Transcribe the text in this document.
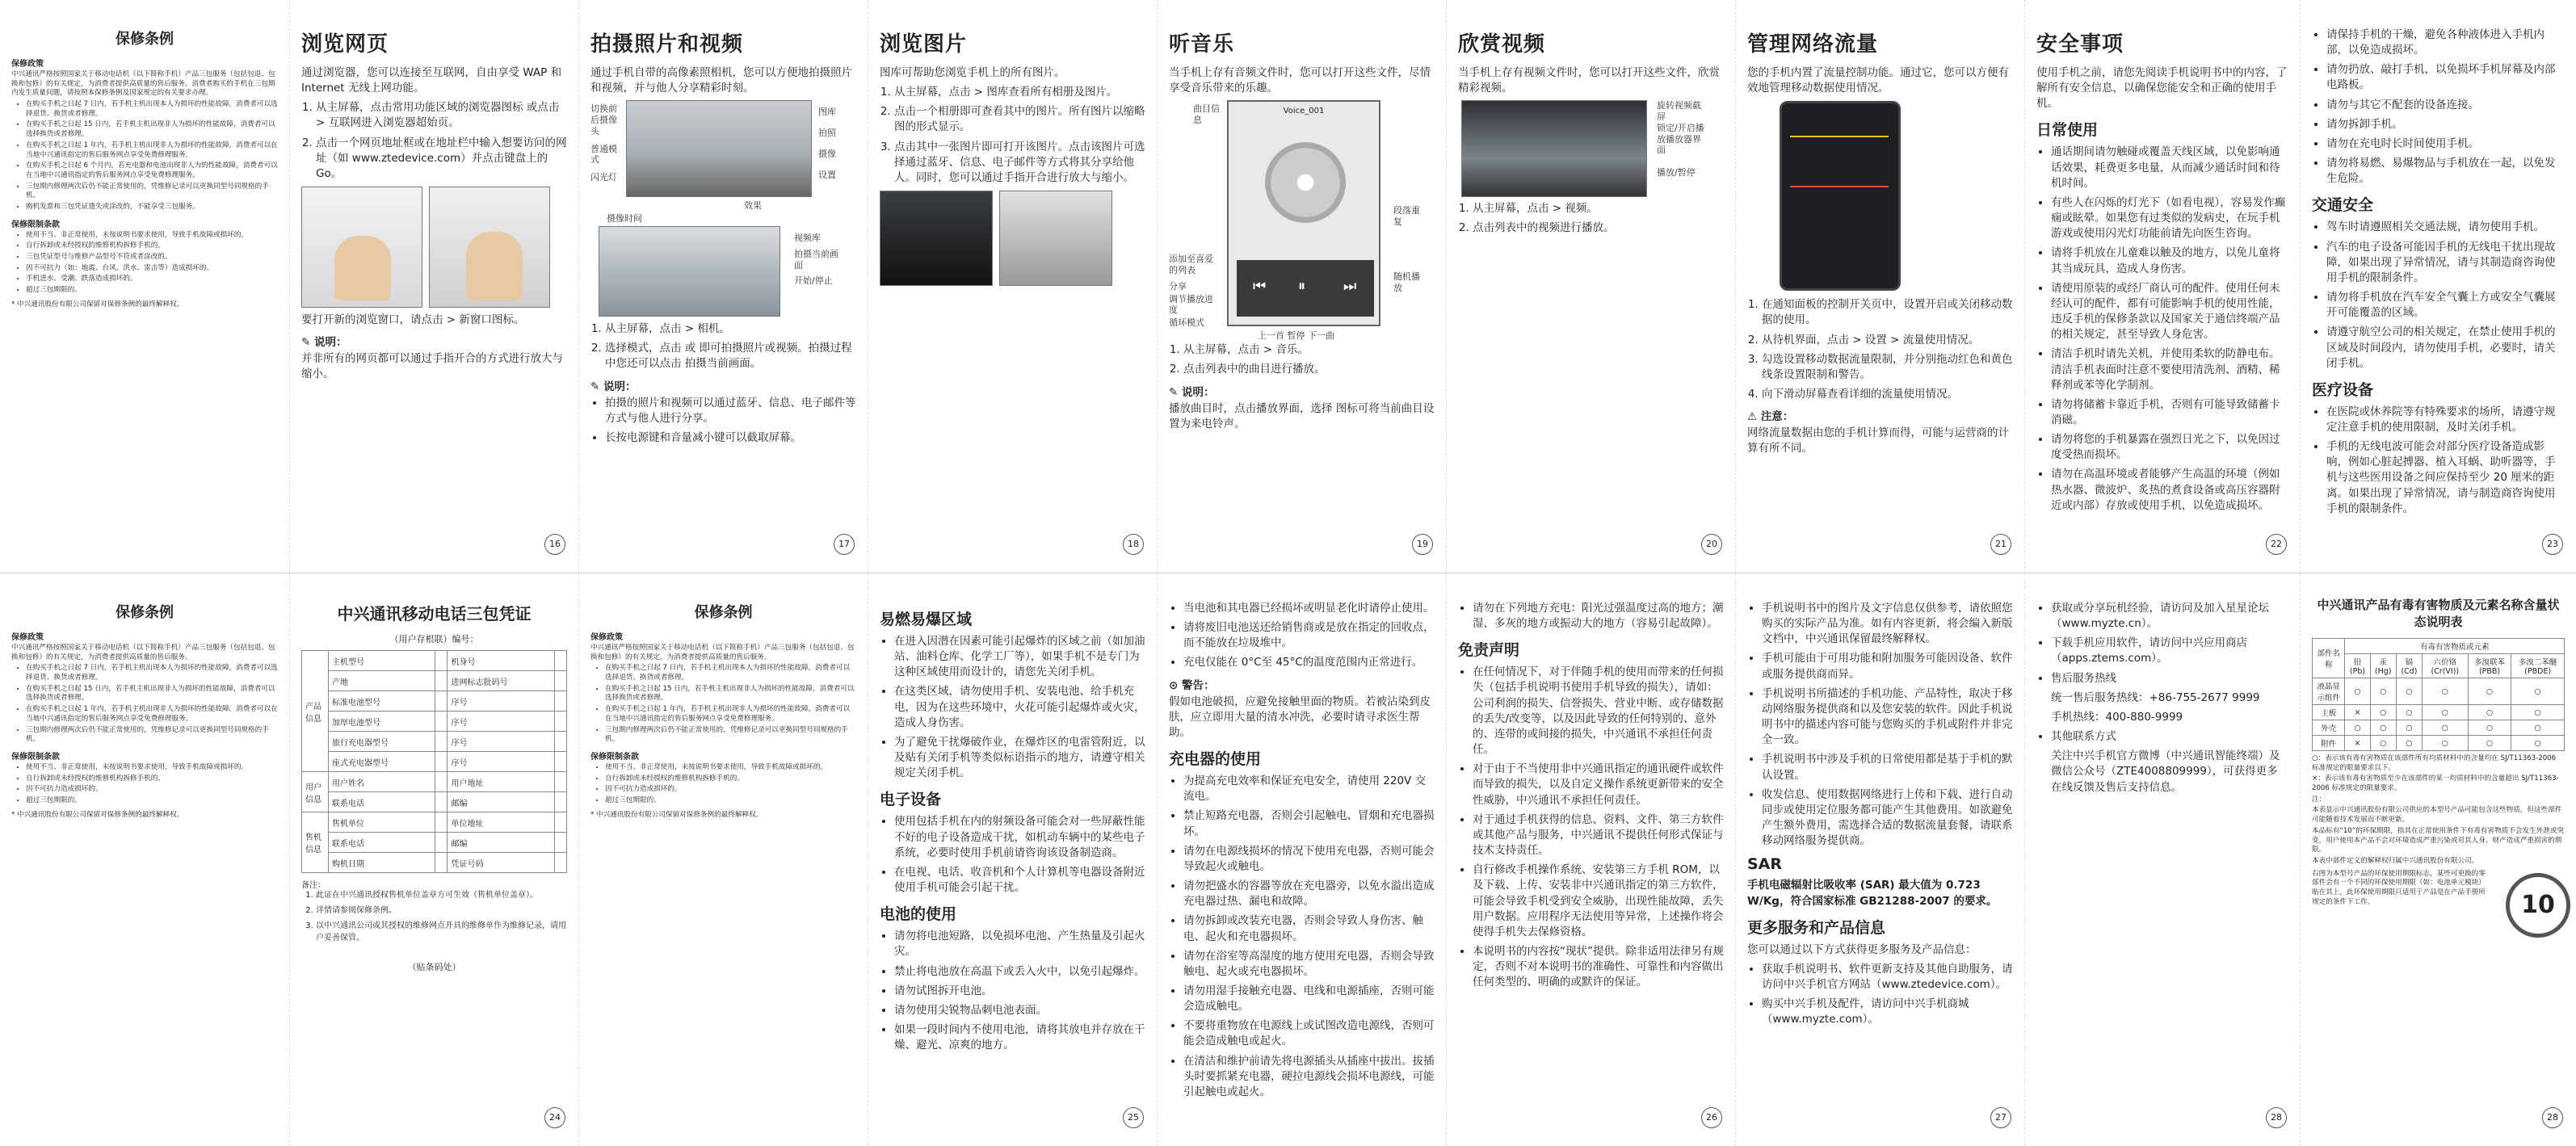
保修条例
保修政策

中兴通讯严格按照国家关于移动电话机（以下简称手机）产品三包服务（包括包退、包换和包修）的有关规定，为消费者提供高质量的售后服务。消费者购买的手机在三包期内发生质量问题，请按照本保修条例及国家规定的有关要求办理。

• 在购买手机之日起 7 日内，若手机主机出现本人为损坏的性能故障，消费者可以选择退货、换货或者修理。
• 在购买手机之日起 15 日内，若手机主机出现非人为损坏的性能故障，消费者可以选择换货或者修理。
• 在购买手机之日起 1 年内，若手机主机出现非人为损坏的性能故障，消费者可以在当地中兴通讯指定的售后服务网点享受免费修理服务。
• 在购买手机之日起 6 个月内，若充电器和电池出现非人为的性能故障，消费者可以在当地中兴通讯指定的售后服务网点享受免费修理服务。
• 三包期内修理两次后仍不能正常使用的，凭维修记录可以更换同型号同规格的手机。
• 购机发票和三包凭证遗失或涂改的，不能享受三包服务。
保修限制条款
• 使用不当、非正常使用，未按说明书要求使用，导致手机故障或损坏的。
• 自行拆卸或未经授权的维修机构拆修手机的。
• 三包凭证型号与维修产品型号不符或者涂改的。
• 因不可抗力（如：地震、台风、洪水、雷击等）造成损坏的。
• 手机进水、受潮、跌落造成损坏的。
• 超过三包期限的。

* 中兴通讯股份有限公司保留对保修条例的最终解释权。

浏览网页

通过浏览器，您可以连接至互联网，自由享受 WAP 和 Internet 无线上网功能。

1. 从主屏幕，点击常用功能区域的浏览器图标 或点击 > 互联网进入浏览器超始页。
2. 点击一个网页地址框或在地址栏中输入想要访问的网址（如 www.ztedevice.com）并点击键盘上的 Go。

要打开新的浏览窗口，请点击 > 新窗口图标。

✎ 说明：

并非所有的网页都可以通过手指开合的方式进行放大与缩小。

16
拍摄照片和视频

通过手机自带的高像素照相机，您可以方便地拍摄照片和视频，并与他人分享精彩时刻。

切换前后摄像头
普通模式
闪光灯
图库
拍照
摄像
设置
效果
摄像时间
视频库
拍摄当前画面
开始/停止
1. 从主屏幕，点击 > 相机。
2. 选择模式，点击 或 即可拍摄照片或视频。拍摄过程中您还可以点击 拍摄当前画面。
✎ 说明：
• 拍摄的照片和视频可以通过蓝牙、信息、电子邮件等方式与他人进行分享。
• 长按电源键和音量减小键可以截取屏幕。
17
浏览图片

图库可帮助您浏览手机上的所有图片。

1. 从主屏幕，点击 > 图库查看所有相册及图片。
2. 点击一个相册即可查看其中的图片。所有图片以缩略图的形式显示。
3. 点击其中一张图片即可打开该图片。点击该图片可选择通过蓝牙、信息、电子邮件等方式将其分享给他人。同时，您可以通过手指开合进行放大与缩小。
18
听音乐

当手机上存有音频文件时，您可以打开这些文件，尽情享受音乐带来的乐趣。

曲目信息
添加至喜爱的列表
分享
调节播放进度
循环模式
Voice_001
⏮ ⏸	⏭
段落重复
随机播放
上一首 暂停 下一曲
1. 从主屏幕，点击 > 音乐。
2. 点击列表中的曲目进行播放。
✎ 说明：

播放曲目时，点击播放界面，选择 图标可将当前曲目设置为来电铃声。

19
欣赏视频

当手机上存有视频文件时，您可以打开这些文件，欣赏精彩视频。

旋转视频截屏
锁定/开启播放播放器界面
播放/暂停
1. 从主屏幕，点击 > 视频。
2. 点击列表中的视频进行播放。
20
管理网络流量

您的手机内置了流量控制功能。通过它，您可以方便有效地管理移动数据使用情况。

1. 在通知面板的控制开关页中，设置开启或关闭移动数据的使用。
2. 从待机界面，点击 > 设置 > 流量使用情况。
3. 勾选设置移动数据流量限制，并分别拖动红色和黄色线条设置限制和警告。
4. 向下滑动屏幕查看详细的流量使用情况。
⚠ 注意：

网络流量数据由您的手机计算而得，可能与运营商的计算有所不同。

21
安全事项

使用手机之前，请您先阅读手机说明书中的内容，了解所有安全信息，以确保您能安全和正确的使用手机。

日常使用
• 通话期间请勿触碰或覆盖天线区域，以免影响通话效果，耗费更多电量，从而减少通话时间和待机时间。
• 有些人在闪烁的灯光下（如看电视），容易发作癫痫或眩晕。如果您有过类似的发病史，在玩手机游戏或使用闪光灯功能前请先向医生咨询。
• 请将手机放在儿童难以触及的地方，以免儿童将其当成玩具，造成人身伤害。
• 请使用原装的或经厂商认可的配件。使用任何未经认可的配件，都有可能影响手机的使用性能，违反手机的保修条款以及国家关于通信终端产品的相关规定，甚至导致人身危害。
• 清洁手机时请先关机，并使用柔软的防静电布。清洁手机表面时注意不要使用清洗剂、酒精、稀释剂或苯等化学制剂。
• 请勿将储蓄卡靠近手机，否则有可能导致储蓄卡消磁。
• 请勿将您的手机暴露在强烈日光之下，以免因过度受热而损坏。
• 请勿在高温环境或者能够产生高温的环境（例如热水器、微波炉、炙热的煮食设备或高压容器附近或内部）存放或使用手机，以免造成损坏。
22
• 请保持手机的干燥，避免各种液体进入手机内部，以免造成损坏。
• 请勿扔放、敲打手机，以免损坏手机屏幕及内部电路板。
• 请勿与其它不配套的设备连接。
• 请勿拆卸手机。
• 请勿在充电时长时间使用手机。
• 请勿将易燃、易爆物品与手机放在一起，以免发生危险。
交通安全
• 驾车时请遵照相关交通法规，请勿使用手机。
• 汽车的电子设备可能因手机的无线电干扰出现故障，如果出现了异常情况，请与其制造商咨询使用手机的限制条件。
• 请勿将手机放在汽车安全气囊上方或安全气囊展开可能覆盖的区域。
• 请遵守航空公司的相关规定，在禁止使用手机的区域及时间段内，请勿使用手机，必要时，请关闭手机。
医疗设备
• 在医院或休养院等有特殊要求的场所，请遵守规定注意手机的使用限制，及时关闭手机。
• 手机的无线电波可能会对部分医疗设备造成影响，例如心脏起搏器、植入耳蜗、助听器等，手机与这些医用设备之间应保持至少 20 厘米的距离。如果出现了异常情况，请与制造商咨询使用手机的限制条件。
23
保修条例
保修政策

中兴通讯严格按照国家关于移动电话机（以下简称手机）产品三包服务（包括包退、包换和包修）的有关规定，为消费者提供高质量的售后服务。

• 在购买手机之日起 7 日内，若手机主机出现本人为损坏的性能故障，消费者可以选择退货、换货或者修理。
• 在购买手机之日起 15 日内，若手机主机出现非人为损坏的性能故障，消费者可以选择换货或者修理。
• 在购买手机之日起 1 年内，若手机主机出现非人为损坏的性能故障，消费者可以在当地中兴通讯指定的售后服务网点享受免费修理服务。
• 三包期内修理两次后仍不能正常使用的，凭维修记录可以更换同型号同规格的手机。
保修限制条款
• 使用不当、非正常使用，未按说明书要求使用，导致手机故障或损坏的。
• 自行拆卸或未经授权的维修机构拆修手机的。
• 因不可抗力造成损坏的。
• 超过三包期限的。

* 中兴通讯股份有限公司保留对保修条例的最终解释权。

中兴通讯移动电话三包凭证
（用户存根联）编号：
产品信息	主机型号		机身号	
	产地		进网标志批码号	
	标准电池型号		序号	
	加厚电池型号		序号	
	旅行充电器型号		序号	
	座式充电器型号		序号	
用户信息	用户姓名		用户地址	
	联系电话		邮编	
售机信息	售机单位		单位地址	
	联系电话		邮编	
	购机日期		凭证号码	
备注：
1. 此证在中兴通讯授权售机单位盖章方可生效（售机单位盖章）。
2. 详情请参阅保修条例。
3. 以中兴通讯公司或其授权的维修网点开具的维修单作为维修记录，请用户妥善保管。
（贴条码处）
24
保修条例
保修政策

中兴通讯严格按照国家关于移动电话机（以下简称手机）产品三包服务（包括包退、包换和包修）的有关规定，为消费者提供高质量的售后服务。

• 在购买手机之日起 7 日内，若手机主机出现本人为损坏的性能故障，消费者可以选择退货、换货或者修理。
• 在购买手机之日起 15 日内，若手机主机出现非人为损坏的性能故障，消费者可以选择换货或者修理。
• 在购买手机之日起 1 年内，若手机主机出现非人为损坏的性能故障，消费者可以在当地中兴通讯指定的售后服务网点享受免费修理服务。
• 三包期内修理两次后仍不能正常使用的，凭维修记录可以更换同型号同规格的手机。
保修限制条款
• 使用不当、非正常使用，未按说明书要求使用，导致手机故障或损坏的。
• 自行拆卸或未经授权的维修机构拆修手机的。
• 因不可抗力造成损坏的。
• 超过三包期限的。

* 中兴通讯股份有限公司保留对保修条例的最终解释权。

易燃易爆区域
• 在进入因潜在因素可能引起爆炸的区域之前（如加油站、油料仓库、化学工厂等），如果手机不是专门为这种区域使用而设计的，请您先关闭手机。
• 在这类区域，请勿使用手机、安装电池、给手机充电，因为在这些环境中，火花可能引起爆炸或火灾，造成人身伤害。
• 为了避免干扰爆破作业，在爆炸区的电雷管附近，以及贴有关闭手机等类似标语指示的地方，请遵守相关规定关闭手机。
电子设备
• 使用包括手机在内的射频设备可能会对一些屏蔽性能不好的电子设备造成干扰，如机动车辆中的某些电子系统，必要时使用手机前请咨询该设备制造商。
• 在电视、电话、收音机和个人计算机等电器设备附近使用手机可能会引起干扰。
电池的使用
• 请勿将电池短路，以免损坏电池、产生热量及引起火灾。
• 禁止将电池放在高温下或丢入火中，以免引起爆炸。
• 请勿试图拆开电池。
• 请勿使用尖锐物品刺电池表面。
• 如果一段时间内不使用电池，请将其放电并存放在干燥、避光、凉爽的地方。
25
• 当电池和其电器已经损坏或明显老化时请停止使用。
• 请将废旧电池送还给销售商或是放在指定的回收点，而不能放在垃圾堆中。
• 充电仅能在 0°C至 45°C的温度范围内正常进行。
⊙ 警告：

假如电池破损，应避免接触里面的物质。若被沾染到皮肤，应立即用大量的清水冲洗，必要时请寻求医生帮助。

充电器的使用
• 为提高充电效率和保证充电安全，请使用 220V 交流电。
• 禁止短路充电器，否则会引起触电、冒烟和充电器损坏。
• 请勿在电源线损坏的情况下使用充电器，否则可能会导致起火或触电。
• 请勿把盛水的容器等放在充电器旁，以免水溢出造成充电器过热、漏电和故障。
• 请勿拆卸或改装充电器，否则会导致人身伤害、触电、起火和充电器损坏。
• 请勿在浴室等高湿度的地方使用充电器，否则会导致触电、起火或充电器损坏。
• 请勿用湿手接触充电器、电线和电源插座，否则可能会造成触电。
• 不要将重物放在电源线上或试图改造电源线，否则可能会造成触电或起火。
• 在清洁和维护前请先将电源插头从插座中拔出。拔插头时要抓紧充电器，硬拉电源线会损坏电源线，可能引起触电或起火。
• 请勿在下列地方充电：阳光过强温度过高的地方；潮湿、多灰的地方或振动大的地方（容易引起故障）。
免责声明
• 在任何情况下，对于伴随手机的使用而带来的任何损失（包括手机说明书使用手机导致的损失），请如：公司利润的损失、信誉损失、营业中断、或存储数据的丢失/改变等，以及因此导致的任何特别的、意外的、连带的或间接的损失，中兴通讯不承担任何责任。
• 对于由于不当使用非中兴通讯指定的通讯硬件或软件而导致的损失，以及自定义操作系统更新带来的安全性威胁，中兴通讯不承担任何责任。
• 对于通过手机获得的信息、资料、文件、第三方软件或其他产品与服务，中兴通讯不提供任何形式保证与技术支持责任。
• 自行修改手机操作系统、安装第三方手机 ROM，以及下载、上传、安装非中兴通讯指定的第三方软件，可能会导致手机受到安全威胁，出现性能故障，丢失用户数据。应用程序无法使用等异常，上述操作将会使得手机失去保修资格。
• 本说明书的内容按“现状”提供。除非适用法律另有规定，否则不对本说明书的准确性、可靠性和内容做出任何类型的、明确的或默许的保证。
26
• 手机说明书中的图片及文字信息仅供参考，请依照您购买的实际产品为准。如有内容更新，将会编入新版文档中，中兴通讯保留最终解释权。
• 手机可能由于可用功能和附加服务可能因设备、软件或服务提供商而异。
• 手机说明书所描述的手机功能、产品特性，取决于移动网络服务提供商和以及您安装的软件。因此手机说明书中的描述内容可能与您购买的手机或附件并非完全一致。
• 手机说明书中涉及手机的日常使用都是基于手机的默认设置。
• 收发信息、使用数据网络进行上传和下载、进行自动同步或使用定位服务都可能产生其他费用。如欲避免产生额外费用，需选择合适的数据流量套餐，请联系移动网络服务提供商。
SAR

手机电磁辐射比吸收率 (SAR) 最大值为 0.723 W/Kg，符合国家标准 GB21288-2007 的要求。

更多服务和产品信息

您可以通过以下方式获得更多服务及产品信息：

• 获取手机说明书、软件更新支持及其他自助服务，请访问中兴手机官方网站（www.ztedevice.com）。
• 购买中兴手机及配件，请访问中兴手机商城（www.myzte.com）。
27
• 获取或分享玩机经验，请访问及加入星星论坛（www.myzte.cn）。
• 下载手机应用软件，请访问中兴应用商店（apps.ztems.com）。
• 售后服务热线
统一售后服务热线：+86-755-2677 9999
手机热线：400-880-9999
• 其他联系方式
关注中兴手机官方微博（中兴通讯智能终端）及微信公众号（ZTE4008809999），可获得更多在线反馈及售后支持信息。
28
中兴通讯产品有毒有害物质及元素名称含量状态说明表
部件名称	有毒有害物质或元素					
	铅 (Pb)	汞 (Hg)	镉 (Cd)	六价铬 (Cr(VI))	多溴联苯 (PBB)	多溴二苯醚 (PBDE)
液晶显示组件	○	○	○	○	○	○
主板	×	○	○	○	○	○
外壳	○	○	○	○	○	○
附件	×	○	○	○	○	○

○：表示该有毒有害物质在该部件所有均质材料中的含量均在 SJ/T11363-2006 标准规定的限量要求以下。

×：表示该有毒有害物质至少在该部件的某一均质材料中的含量超出 SJ/T11363-2006 标准规定的限量要求。

注：

本表显示中兴通讯股份有限公司供应的本型号产品可能包含这些物质，但这些部件可能随着技术发展而不断更新。

本品标有“10”的环保期限，指其在正常使用条件下有毒有害物质不会发生外泄或突变，用户使用本产品不会对环境造成严重污染或对其人身、财产造成严重损害的期限。

本表中部件定义的解释权归属中兴通讯股份有限公司。

右图为本型号产品的环保使用期限标志，某些可更换的零部件会有一个不同的环保使用期限（如：电池单元模块）贴在其上，此环保使用期限只适用于产品是在产品手册所规定的条件下工作。	10
28
